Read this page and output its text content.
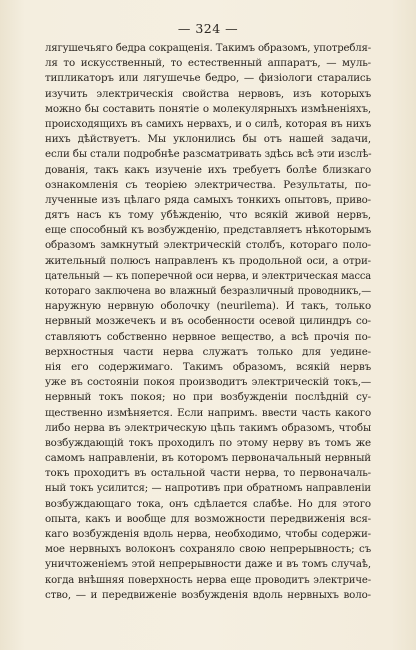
— 324 —
лягушечьяго бедра сокращенія. Такимъ образомъ, употребля-
ля то искусственный, то естественный аппаратъ, — муль-
типликаторъ или лягушечье бедро, — физіологи старались
изучить электрическія свойства нервовъ, изъ которыхъ
можно бы составить понятіе о молекулярныхъ измѣненіяхъ,
происходящихъ въ самихъ нервахъ, и о силѣ, которая въ нихъ
нихъ дѣйствуетъ. Мы уклонились бы отъ нашей задачи,
если бы стали подробнѣе разсматривать здѣсь всѣ эти изслѣ-
дованія, такъ какъ изученіе ихъ требуетъ болѣе близкаго
ознакомленія съ теоріею электричества. Результаты, по-
лученные изъ цѣлаго ряда самыхъ тонкихъ опытовъ, приво-
дятъ насъ къ тому убѣжденію, что всякій живой нервъ,
еще способный къ возбужденію, представляетъ нѣкоторымъ
образомъ замкнутый электрическій столбъ, котораго поло-
жительный полюсъ направленъ къ продольной оси, а отри-
цательный — къ поперечной оси нерва, и электрическая масса
котораго заключена во влажный безразличный проводникъ,—
наружную нервную оболочку (neurilema). И такъ, только
нервный мозжечекъ и въ особенности осевой цилиндръ со-
ставляютъ собственно нервное вещество, а всѣ прочія по-
верхностныя части нерва служатъ только для уедине-
нія его содержимаго. Такимъ образомъ, всякій нервъ
уже въ состояніи покоя производитъ электрическій токъ,—
нервный токъ покоя; но при возбужденіи послѣдній су-
щественно измѣняется. Если напримъ. ввести часть какого
либо нерва въ электрическую цѣпь такимъ образомъ, чтобы
возбуждающій токъ проходилъ по этому нерву въ томъ же
самомъ направленіи, въ которомъ первоначальный нервный
токъ проходитъ въ остальной части нерва, то первоначаль-
ный токъ усилится; — напротивъ при обратномъ направленіи
возбуждающаго тока, онъ сдѣлается слабѣе. Но для этого
опыта, какъ и вообще для возможности передвиженія вся-
каго возбужденія вдоль нерва, необходимо, чтобы содержи-
мое нервныхъ волоконъ сохраняло свою непрерывность; съ
уничтоженіемъ этой непрерывности даже и въ томъ случаѣ,
когда внѣшняя поверхность нерва еще проводитъ электриче-
ство, — и передвиженіе возбужденія вдоль нервныхъ воло-
